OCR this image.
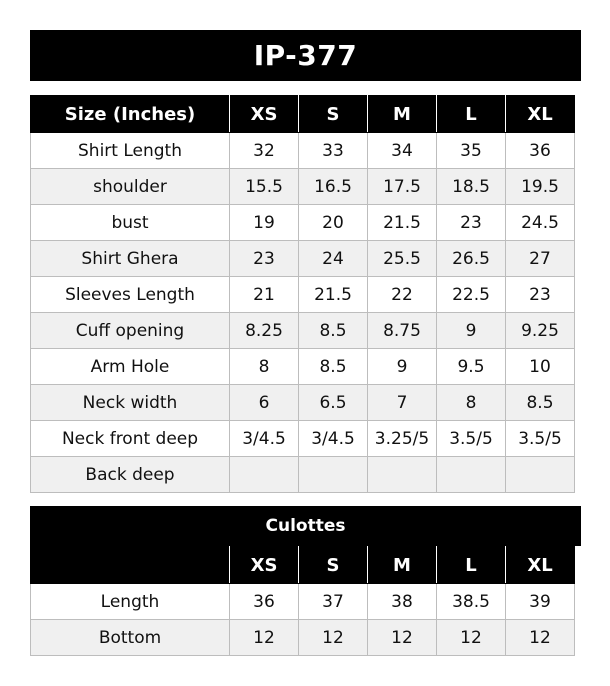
IP-377
Size (Inches)	XS	S	M	L	XL
Shirt Length	32	33	34	35	36
shoulder	15.5	16.5	17.5	18.5	19.5
bust	19	20	21.5	23	24.5
Shirt Ghera	23	24	25.5	26.5	27
Sleeves Length	21	21.5	22	22.5	23
Cuff opening	8.25	8.5	8.75	9	9.25
Arm Hole	8	8.5	9	9.5	10
Neck width	6	6.5	7	8	8.5
Neck front deep	3/4.5	3/4.5	3.25/5	3.5/5	3.5/5
Back deep					
Culottes
	XS	S	M	L	XL
Length	36	37	38	38.5	39
Bottom	12	12	12	12	12
